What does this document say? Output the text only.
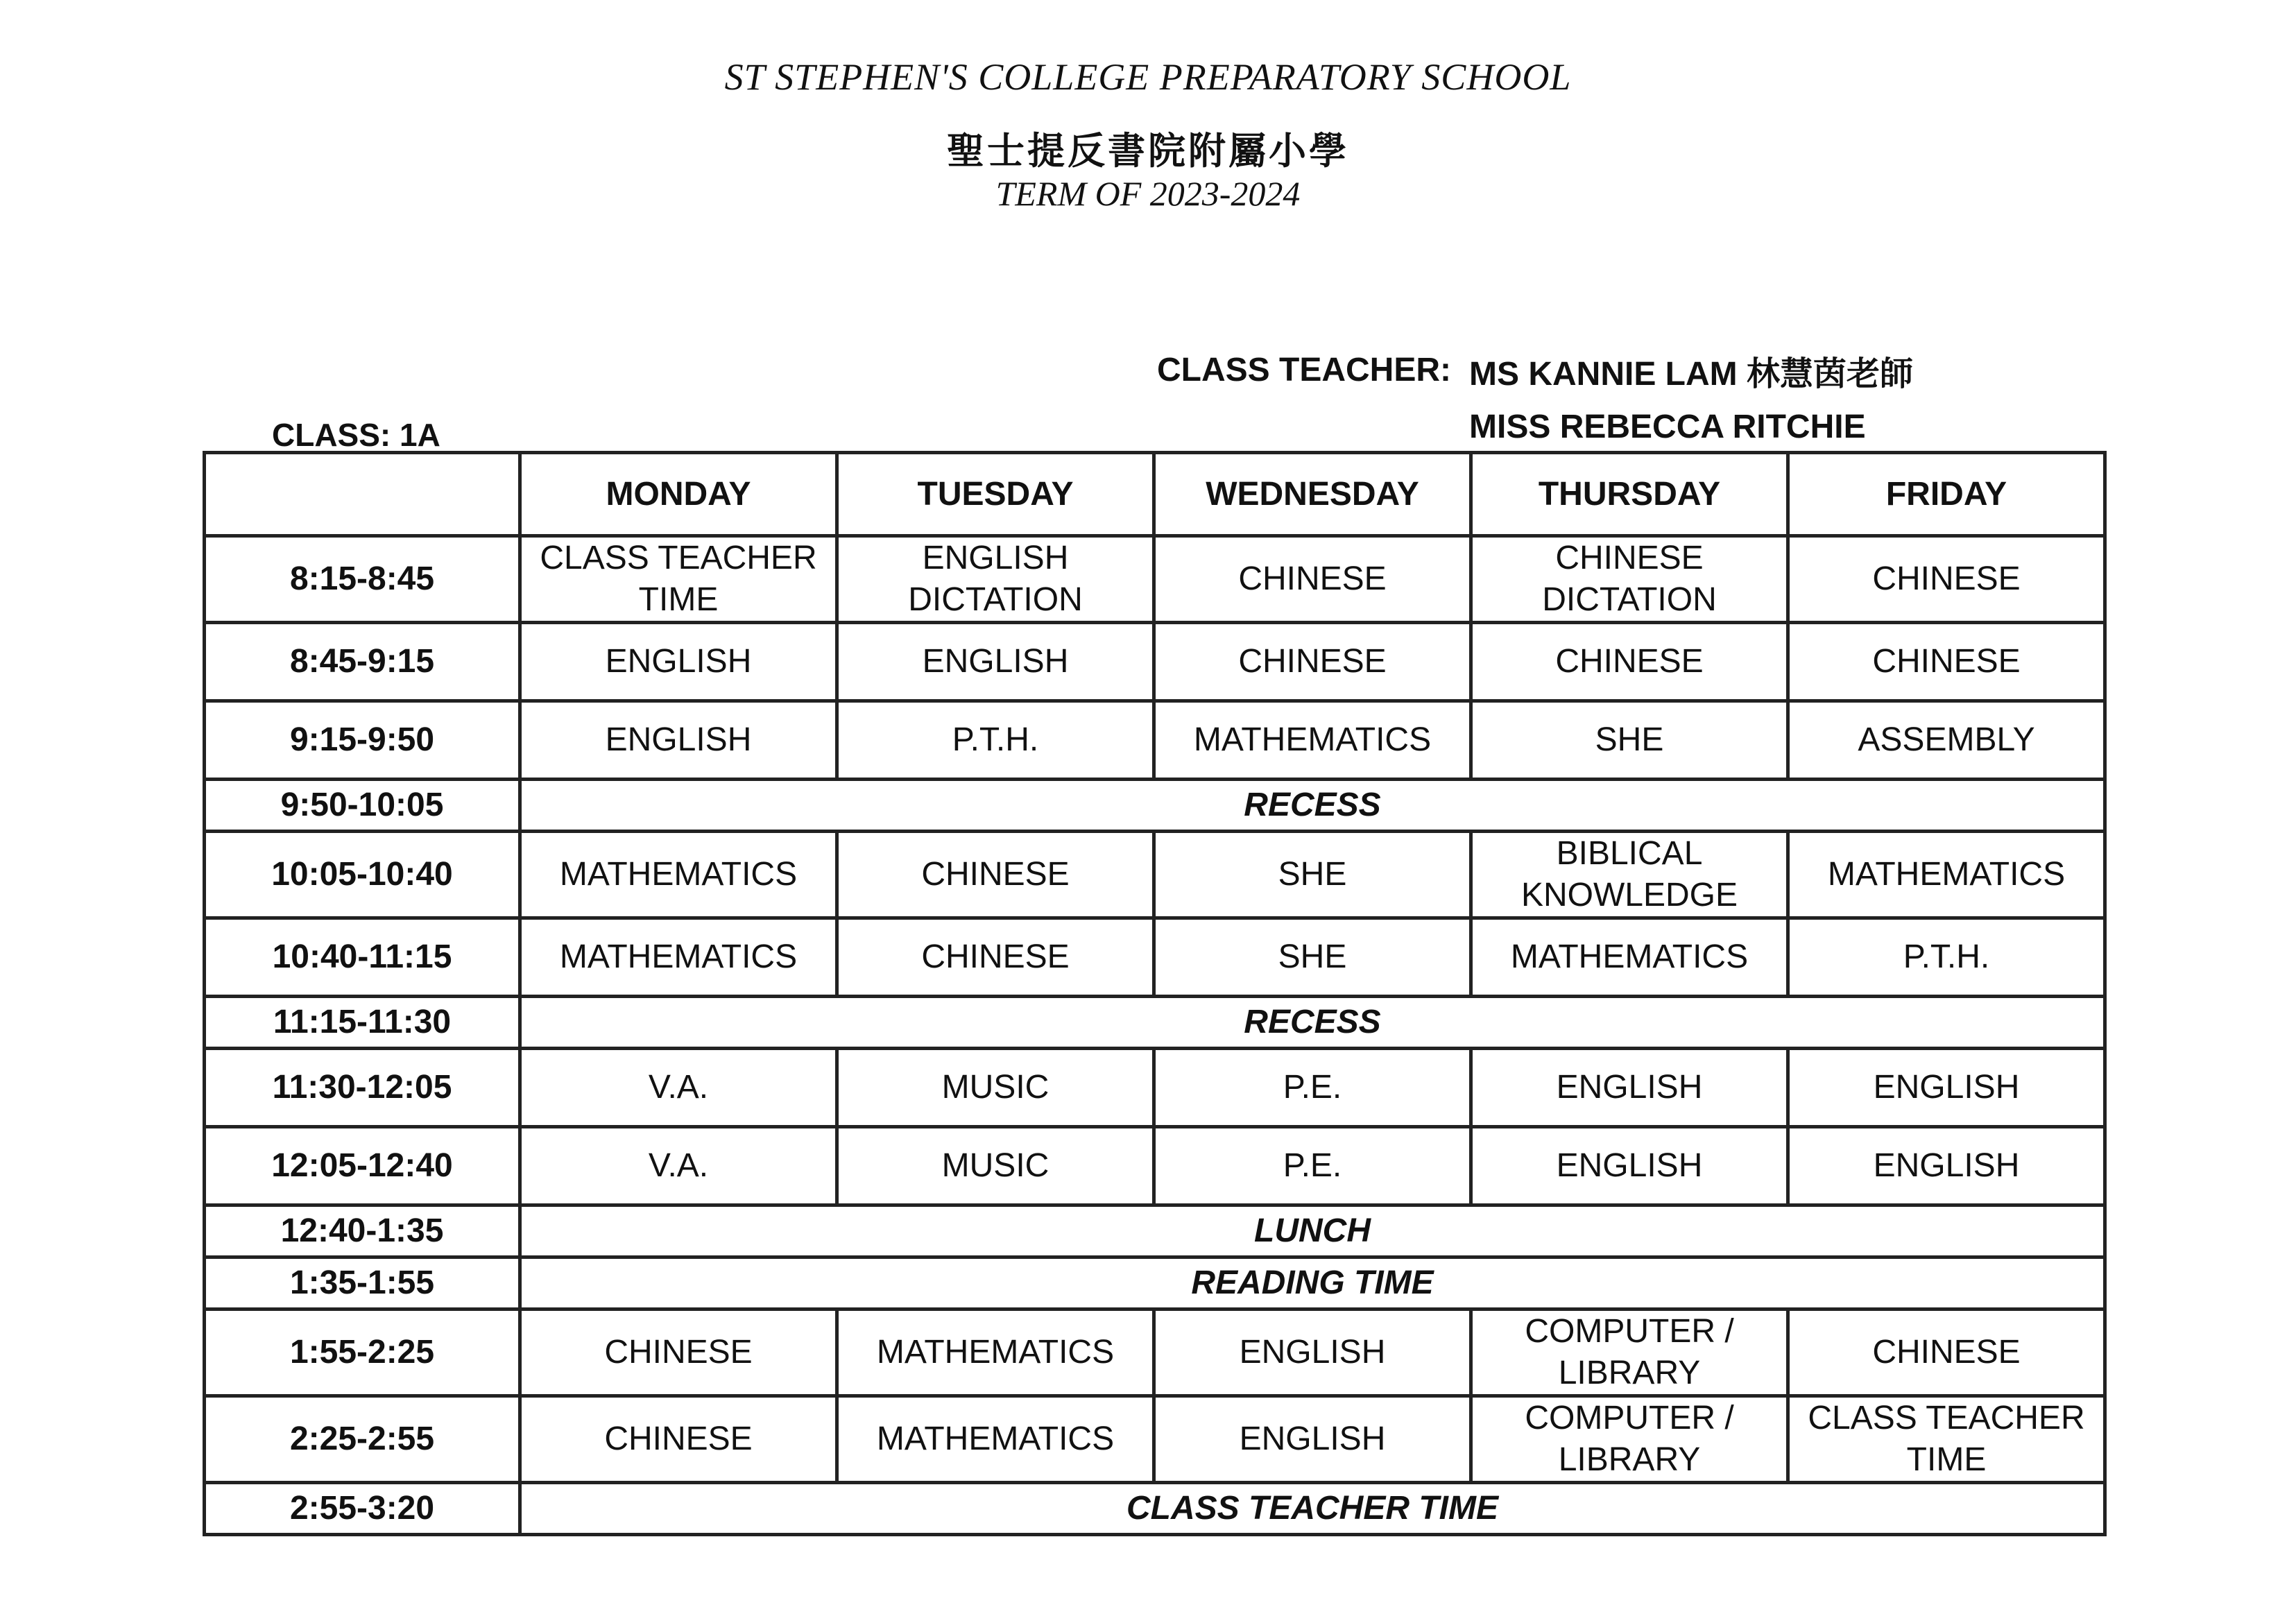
ST STEPHEN'S COLLEGE PREPARATORY SCHOOL
聖士提反書院附屬小學
TERM OF 2023-2024
CLASS TEACHER: MS KANNIE LAM 林慧茵老師
MISS REBECCA RITCHIE
CLASS: 1A
	MONDAY	TUESDAY	WEDNESDAY	THURSDAY	FRIDAY
8:15-8:45	CLASS TEACHER TIME	ENGLISH DICTATION	CHINESE	CHINESE DICTATION	CHINESE
8:45-9:15	ENGLISH	ENGLISH	CHINESE	CHINESE	CHINESE
9:15-9:50	ENGLISH	P.T.H.	MATHEMATICS	SHE	ASSEMBLY
9:50-10:05	RECESS				
10:05-10:40	MATHEMATICS	CHINESE	SHE	BIBLICAL KNOWLEDGE	MATHEMATICS
10:40-11:15	MATHEMATICS	CHINESE	SHE	MATHEMATICS	P.T.H.
11:15-11:30	RECESS				
11:30-12:05	V.A.	MUSIC	P.E.	ENGLISH	ENGLISH
12:05-12:40	V.A.	MUSIC	P.E.	ENGLISH	ENGLISH
12:40-1:35	LUNCH				
1:35-1:55	READING TIME				
1:55-2:25	CHINESE	MATHEMATICS	ENGLISH	COMPUTER / LIBRARY	CHINESE
2:25-2:55	CHINESE	MATHEMATICS	ENGLISH	COMPUTER / LIBRARY	CLASS TEACHER TIME
2:55-3:20	CLASS TEACHER TIME				
